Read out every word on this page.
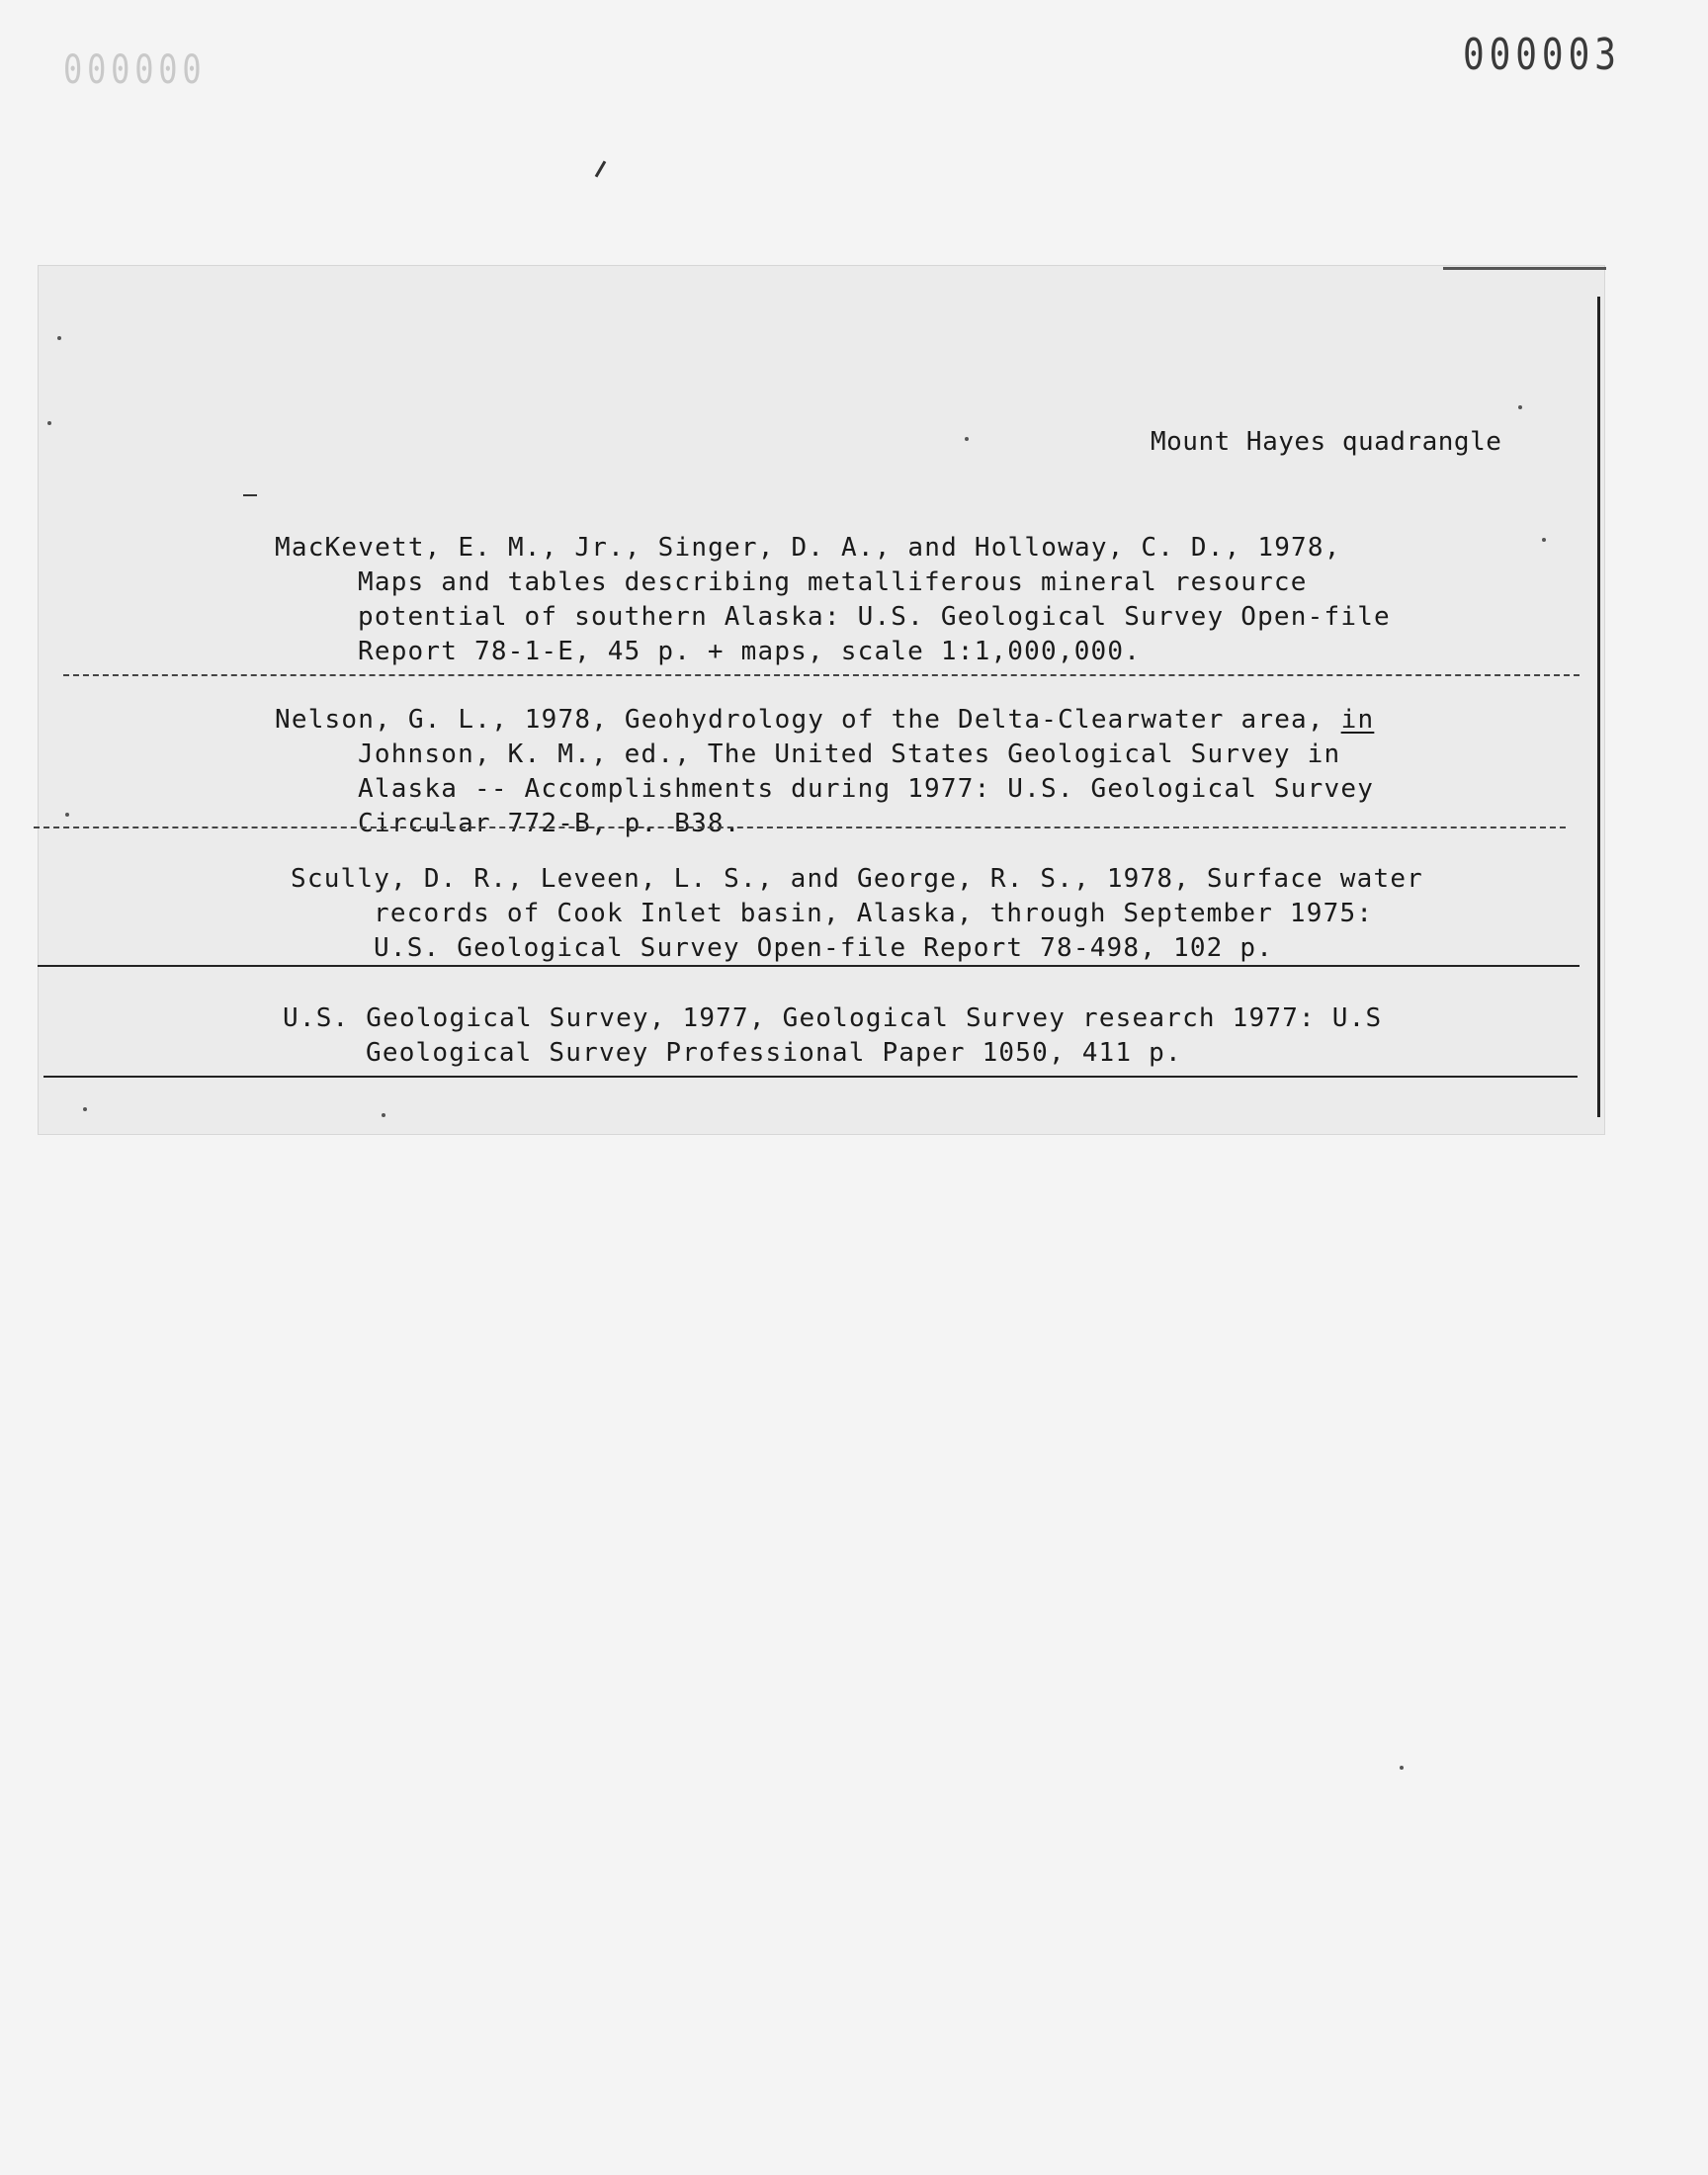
000000	000003
Mount Hayes quadrangle
MacKevett, E. M., Jr., Singer, D. A., and Holloway, C. D., 1978,
Maps and tables describing metalliferous mineral resource
potential of southern Alaska: U.S. Geological Survey Open-file
Report 78-1-E, 45 p. + maps, scale 1:1,000,000.
Nelson, G. L., 1978, Geohydrology of the Delta-Clearwater area, in
Johnson, K. M., ed., The United States Geological Survey in
Alaska -- Accomplishments during 1977: U.S. Geological Survey
Circular 772-B, p. B38.
Scully, D. R., Leveen, L. S., and George, R. S., 1978, Surface water
records of Cook Inlet basin, Alaska, through September 1975:
U.S. Geological Survey Open-file Report 78-498, 102 p.
U.S. Geological Survey, 1977, Geological Survey research 1977: U.S
Geological Survey Professional Paper 1050, 411 p.
